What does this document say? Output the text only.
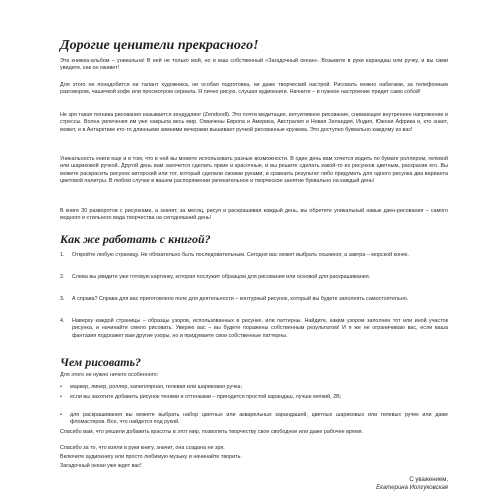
Дорогие ценители прекрасного!
Эта книжка-альбом – уникальна! В ней не только мой, но и ваш собственный «Загадочный океан». Возьмите в руки карандаш или ручку, и вы сами увидите, как он оживет!
Для этого не понадобится ни талант художника, ни особая подготовка, ни даже творческий настрой. Рисовать можно набегами, за телефонным разговором, чашечкой кофе или просмотром сериала. Я лично рисую, слушая аудиокниги. Начните – и нужное настроение придет само собой!
Не зря такая техника рисования называется зендудлинг (Zendoodl). Это почти медитация, интуитивное рисование, снимающее внутреннее напряжение и стрессы. Волна увлечения им уже накрыла весь мир. Охвачены Европа и Америка, Австралия и Новая Зеландия, Индия, Южная Африка и, кто знает, может, и в Антарктике кто-то длинными зимними вечерами вышивает ручкой рисованные кружева. Это доступно буквально каждому из вас!
Уникальность книги еще и в том, что в ней вы можете использовать разные возможности. В один день вам хочется водить по бумаге роллером, гелевой или шариковой ручкой. Другой день вам захочется сделать яркие и красочные, и вы решите сделать какой-то из рисунков цветным, раскрасив его. Вы можете раскрасить рисунок авторский или тот, который сделали своими руками, и сравнить результат либо придумать для одного рисунка два варианта цветовой палитры. В любом случае в вашем распоряжении увлекательное и творческое занятие буквально на каждый день!
В книге 30 разворотов с рисунками, а значит, за месяц, рисуя и раскрашивая каждый день, вы обретете уникальный навык дзен-рисования – самого модного и стильного вида творчества на сегодняшний день!
Как же работать с книгой?
1.	Откройте любую страницу. Не обязательно быть последовательным. Сегодня вас может выбрать осьминог, а завтра – морской конек.
2.	Слева вы увидите уже готовую картинку, которая послужит образцом для рисования или основой для раскрашивания.
3.	А справа? Справа для вас приготовлено поле для деятельности – контурный рисунок, который вы будете заполнять самостоятельно.
4.	Наверху каждой страницы – образцы узоров, использованных в рисунке, или паттерны. Найдите, каким узором заполнен тот или иной участок рисунка, и начинайте смело рисовать. Уверяю вас – вы будете поражены собственным результатом! И я же не ограничиваю вас, если ваша фантазия подскажет вам другие узоры, но и придумаете свои собственные паттерны.
Чем рисовать?
Для этого не нужно ничего особенного:
•	маркер, линер, роллер, капиллярная, гелевая или шариковая ручка;
•	если вы захотите добавить рисунок тенями и оттенками – пригодится простой карандаш, лучше мягкий, 2B;
•	для раскрашивания вы можете выбрать набор цветных или акварельных карандашей, цветных шариковых или гелевых ручек или даже фломастеров. Все, что найдется под рукой.
Спасибо вам, что решили добавить красоты в этот мир, позволить творчеству свое свободное или даже рабочее время.
Спасибо за то, что взяли в руки книгу, значит, она создана не зря.
Включите аудиокнигу или просто любимую музыку и начинайте творить.
Загадочный океан уже ждет вас!
С уважением,
Екатерина Иолгуковская
